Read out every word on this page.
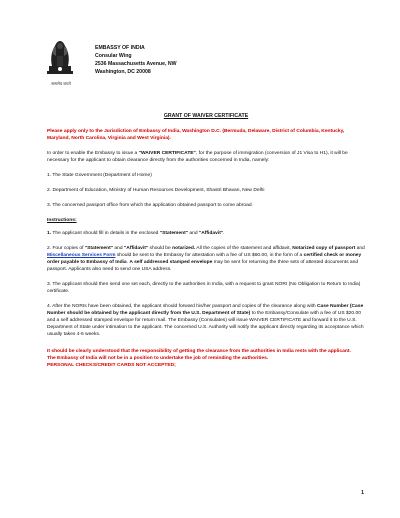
सत्यमेव जयते
EMBASSY OF INDIA
Consular Wing
2536 Massachusetts Avenue, NW
Washington, DC 20008
GRANT OF WAIVER CERTIFICATE

Please apply only to the Jurisdiction of Embassy of India, Washington D.C. (Bermuda, Delaware, District of Columbia, Kentucky, Maryland, North Carolina, Virginia and West Virginia).

In order to enable the Embassy to issue a "WAIVER CERTIFICATE", for the purpose of immigration (conversion of J1 Visa to H1), it will be necessary for the applicant to obtain clearance directly from the authorities concerned in India, namely:

1. The State Government (Department of Home)

2. Department of Education, Ministry of Human Resources Development, Shastri Bhavan, New Delhi

3. The concerned passport office from which the application obtained passport to come abroad.

Instructions:

1. The applicant should fill in details in the enclosed "Statement" and "Affidavit".

2. Four copies of "Statement" and "Affidavit" should be notarized. All the copies of the statement and affidavit, Notarized copy of passport and Miscellaneous Services Form should be sent to the Embassy for attestation with a fee of US $60.00, in the form of a certified check or money order payable to Embassy of India. A self addressed stamped envelope may be sent for returning the three sets of attested documents and passport. Applicants also need to send one USA address.

3. The applicant should then send one set each, directly to the authorities in India, with a request to grant NORI (No Obligation to Return to India) certificate.

4. After the NORIs have been obtained, the applicant should forward his/her passport and copies of the clearance along with Case Number (Case Number should be obtained by the applicant directly from the U.S. Department of State) to the Embassy/Consulate with a fee of US $20.00 and a self addressed stamped envelope for return mail. The Embassy (Consulates) will issue WAIVER CERTIFICATE and forward it to the U.S. Department of State under intimation to the applicant. The concerned U.S. Authority will notify the applicant directly regarding its acceptance which usually takes 4-6 weeks.

It should be clearly understood that the responsibility of getting the clearance from the authorities in India rests with the applicant.
The Embassy of India will not be in a position to undertake the job of reminding the authorities.
PERSONAL CHECKS/CREDIT CARDS NOT ACCEPTED;
1
